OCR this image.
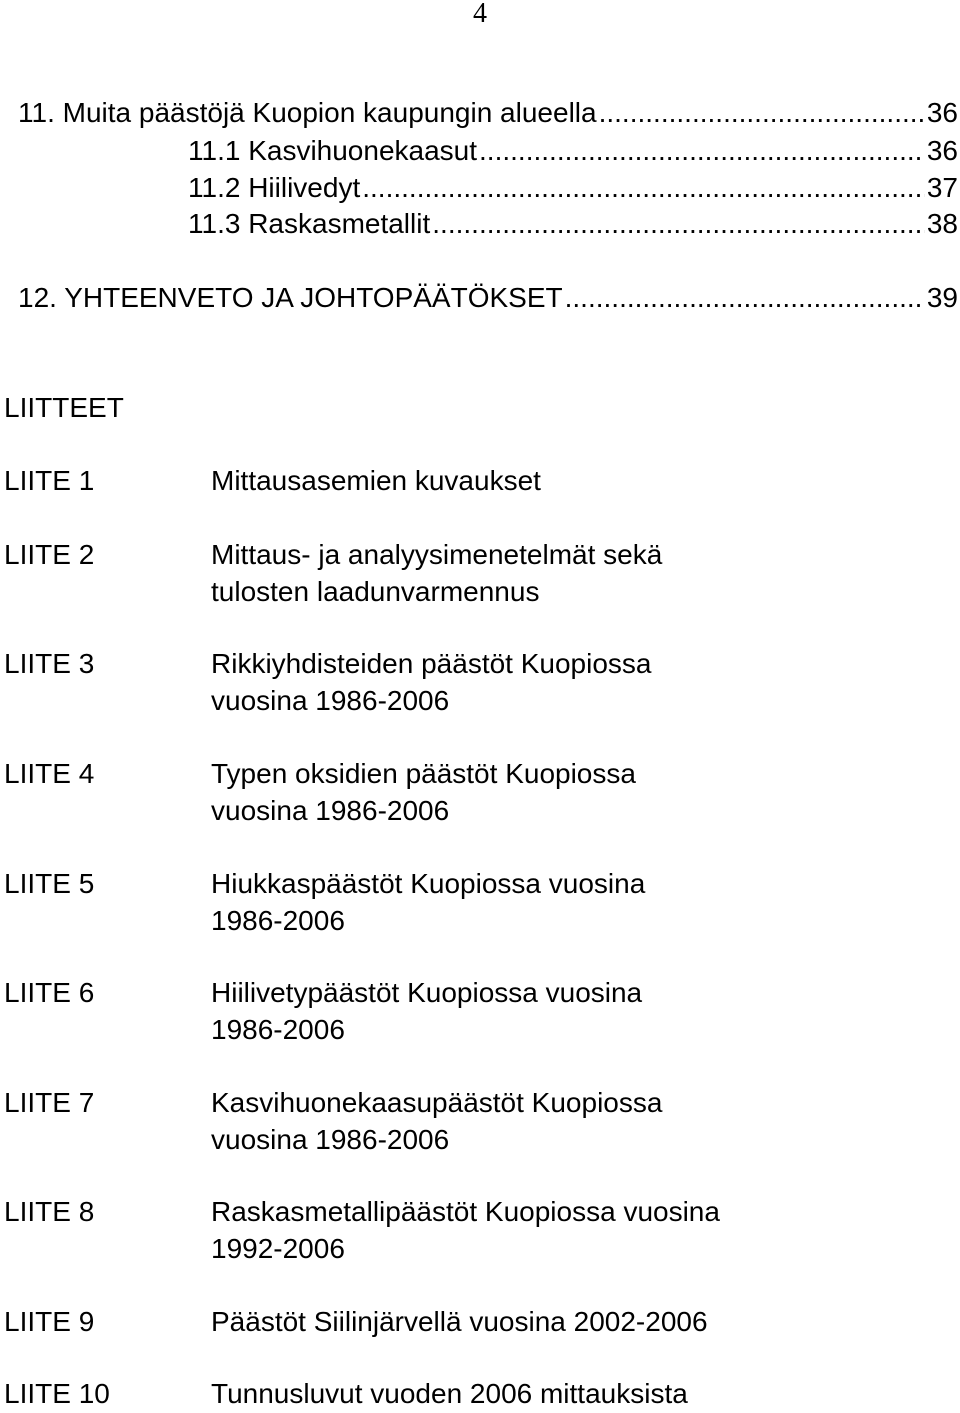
4
11. Muita päästöjä Kuopion kaupungin alueella .....	36
11.1 Kasvihuonekaasut .....	36
11.2 Hiilivedyt .....	37
11.3 Raskasmetallit .....	38
12. YHTEENVETO JA JOHTOPÄÄTÖKSET .....	39
LIITTEET
LIITE 1	Mittausasemien kuvaukset
LIITE 2	Mittaus- ja analyysimenetelmät sekä
tulosten laadunvarmennus
LIITE 3	Rikkiyhdisteiden päästöt Kuopiossa
vuosina 1986-2006
LIITE 4	Typen oksidien päästöt Kuopiossa
vuosina 1986-2006
LIITE 5	Hiukkaspäästöt Kuopiossa vuosina
1986-2006
LIITE 6	Hiilivetypäästöt Kuopiossa vuosina
1986-2006
LIITE 7	Kasvihuonekaasupäästöt Kuopiossa
vuosina 1986-2006
LIITE 8	Raskasmetallipäästöt Kuopiossa vuosina
1992-2006
LIITE 9	Päästöt Siilinjärvellä vuosina 2002-2006
LIITE 10	Tunnusluvut vuoden 2006 mittauksista
